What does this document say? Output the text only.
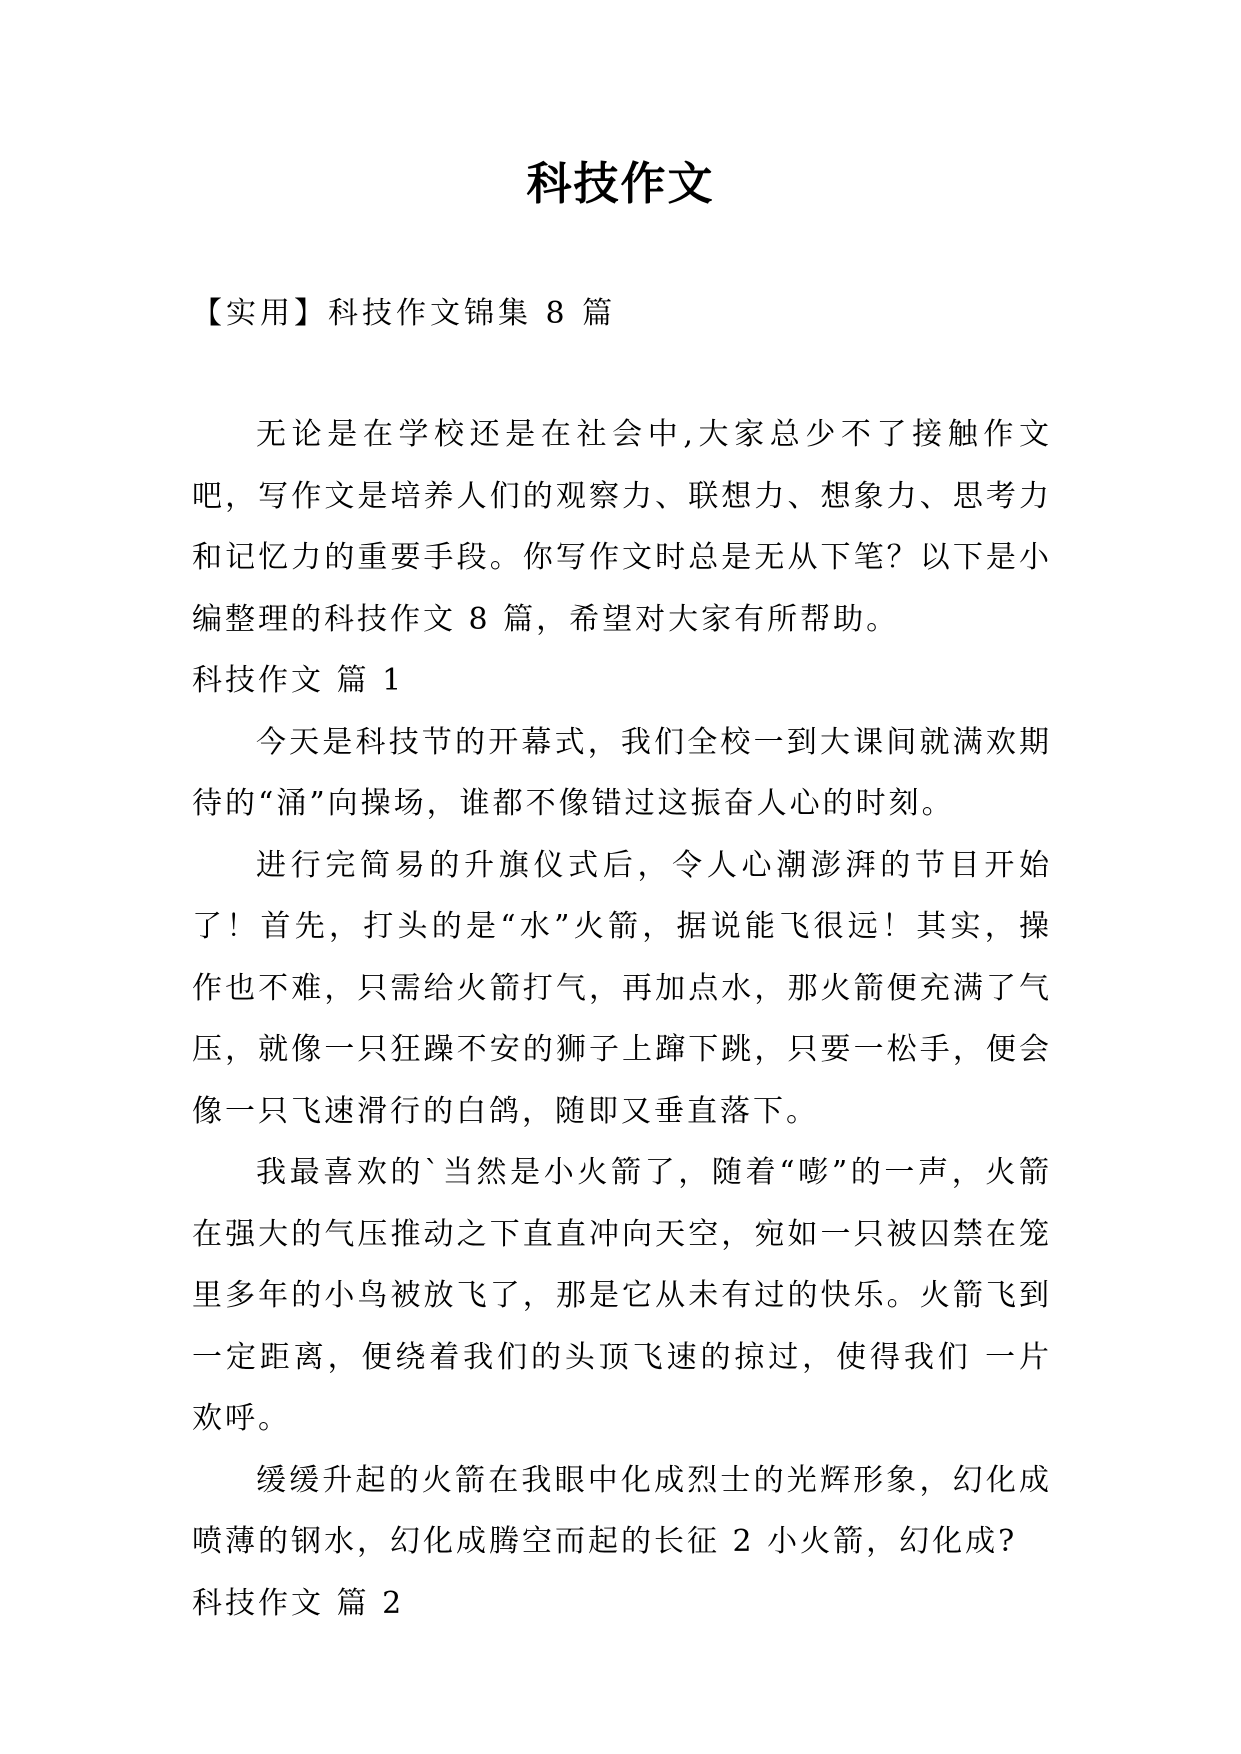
科技作文
【实用】科技作文锦集 8 篇

无论是在学校还是在社会中,大家总少不了接触作文吧，写作文是培养人们的观察力、联想力、想象力、思考力和记忆力的重要手段。你写作文时总是无从下笔？以下是小编整理的科技作文 8 篇，希望对大家有所帮助。

科技作文 篇 1

今天是科技节的开幕式，我们全校一到大课间就满欢期待的“涌”向操场，谁都不像错过这振奋人心的时刻。

进行完简易的升旗仪式后，令人心潮澎湃的节目开始了！首先，打头的是“水”火箭，据说能飞很远！其实，操作也不难，只需给火箭打气，再加点水，那火箭便充满了气压，就像一只狂躁不安的狮子上蹿下跳，只要一松手，便会像一只飞速滑行的白鸽，随即又垂直落下。

我最喜欢的`当然是小火箭了，随着“嘭”的一声，火箭在强大的气压推动之下直直冲向天空，宛如一只被囚禁在笼里多年的小鸟被放飞了，那是它从未有过的快乐。火箭飞到一定距离，便绕着我们的头顶飞速的掠过，使得我们 一片欢呼。

缓缓升起的火箭在我眼中化成烈士的光辉形象，幻化成喷薄的钢水，幻化成腾空而起的长征 2 小火箭，幻化成?

科技作文 篇 2
